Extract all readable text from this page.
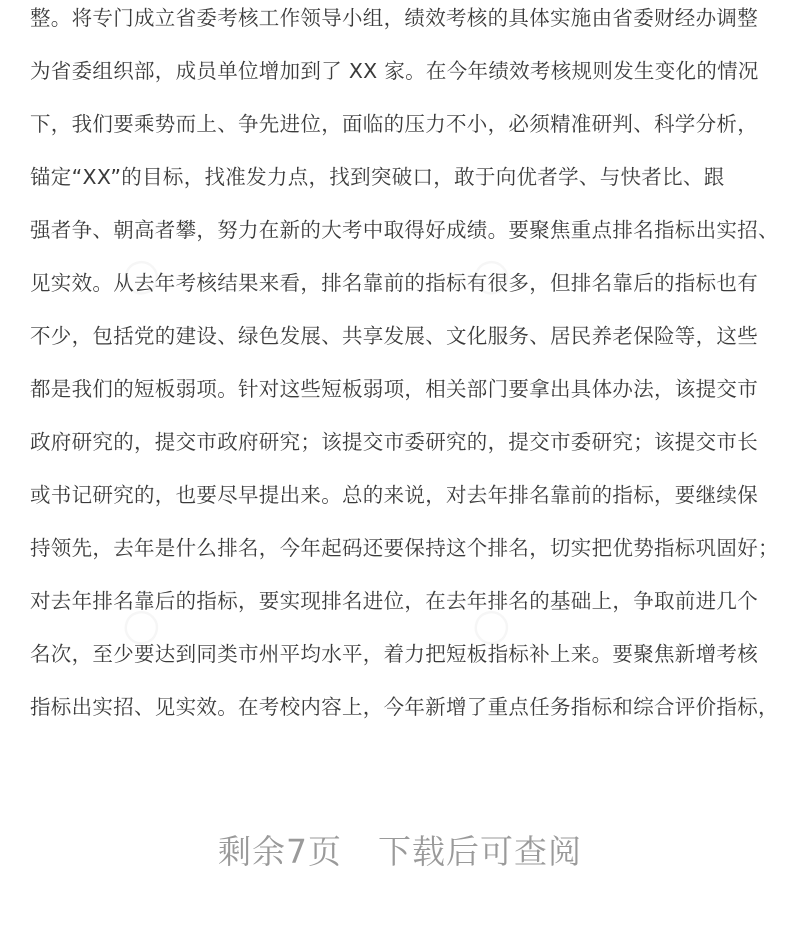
整。将专门成立省委考核工作领导小组，绩效考核的具体实施由省委财经办调整
为省委组织部，成员单位增加到了 XX 家。在今年绩效考核规则发生变化的情况
下，我们要乘势而上、争先进位，面临的压力不小，必须精准研判、科学分析，
锚定“XX”的目标，找准发力点，找到突破口，敢于向优者学、与快者比、跟
强者争、朝高者攀，努力在新的大考中取得好成绩。要聚焦重点排名指标出实招、
见实效。从去年考核结果来看，排名靠前的指标有很多，但排名靠后的指标也有
不少，包括党的建设、绿色发展、共享发展、文化服务、居民养老保险等，这些
都是我们的短板弱项。针对这些短板弱项，相关部门要拿出具体办法，该提交市
政府研究的，提交市政府研究；该提交市委研究的，提交市委研究；该提交市长
或书记研究的，也要尽早提出来。总的来说，对去年排名靠前的指标，要继续保
持领先，去年是什么排名，今年起码还要保持这个排名，切实把优势指标巩固好；
对去年排名靠后的指标，要实现排名进位，在去年排名的基础上，争取前进几个
名次，至少要达到同类市州平均水平，着力把短板指标补上来。要聚焦新增考核
指标出实招、见实效。在考校内容上，今年新增了重点任务指标和综合评价指标，
剩余7页 下载后可查阅
